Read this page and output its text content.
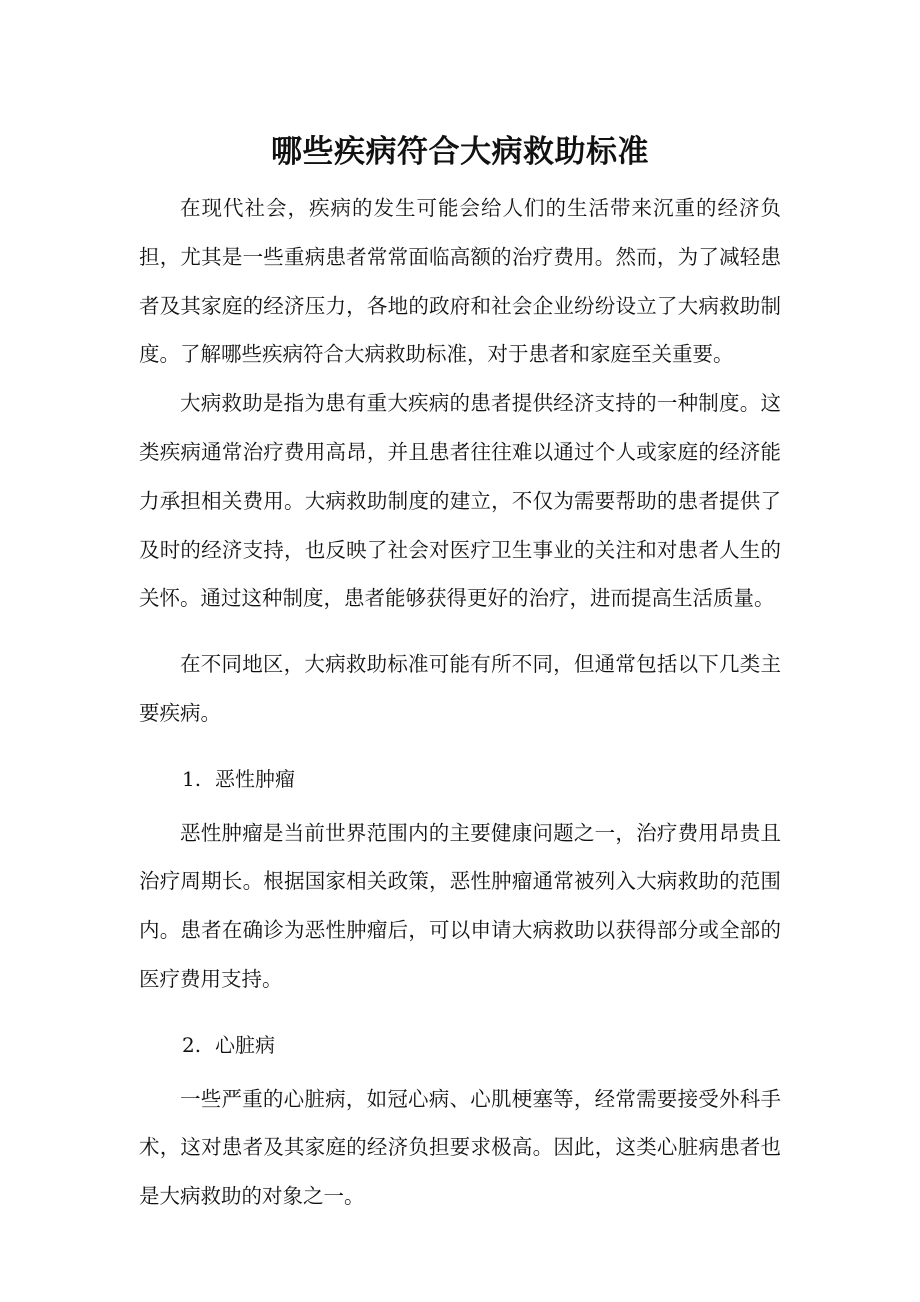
哪些疾病符合大病救助标准

在现代社会，疾病的发生可能会给人们的生活带来沉重的经济负担，尤其是一些重病患者常常面临高额的治疗费用。然而，为了减轻患者及其家庭的经济压力，各地的政府和社会企业纷纷设立了大病救助制度。了解哪些疾病符合大病救助标准，对于患者和家庭至关重要。

大病救助是指为患有重大疾病的患者提供经济支持的一种制度。这类疾病通常治疗费用高昂，并且患者往往难以通过个人或家庭的经济能力承担相关费用。大病救助制度的建立，不仅为需要帮助的患者提供了及时的经济支持，也反映了社会对医疗卫生事业的关注和对患者人生的关怀。通过这种制度，患者能够获得更好的治疗，进而提高生活质量。

在不同地区，大病救助标准可能有所不同，但通常包括以下几类主要疾病。

1. 恶性肿瘤

恶性肿瘤是当前世界范围内的主要健康问题之一，治疗费用昂贵且治疗周期长。根据国家相关政策，恶性肿瘤通常被列入大病救助的范围内。患者在确诊为恶性肿瘤后，可以申请大病救助以获得部分或全部的医疗费用支持。

2. 心脏病

一些严重的心脏病，如冠心病、心肌梗塞等，经常需要接受外科手术，这对患者及其家庭的经济负担要求极高。因此，这类心脏病患者也是大病救助的对象之一。
